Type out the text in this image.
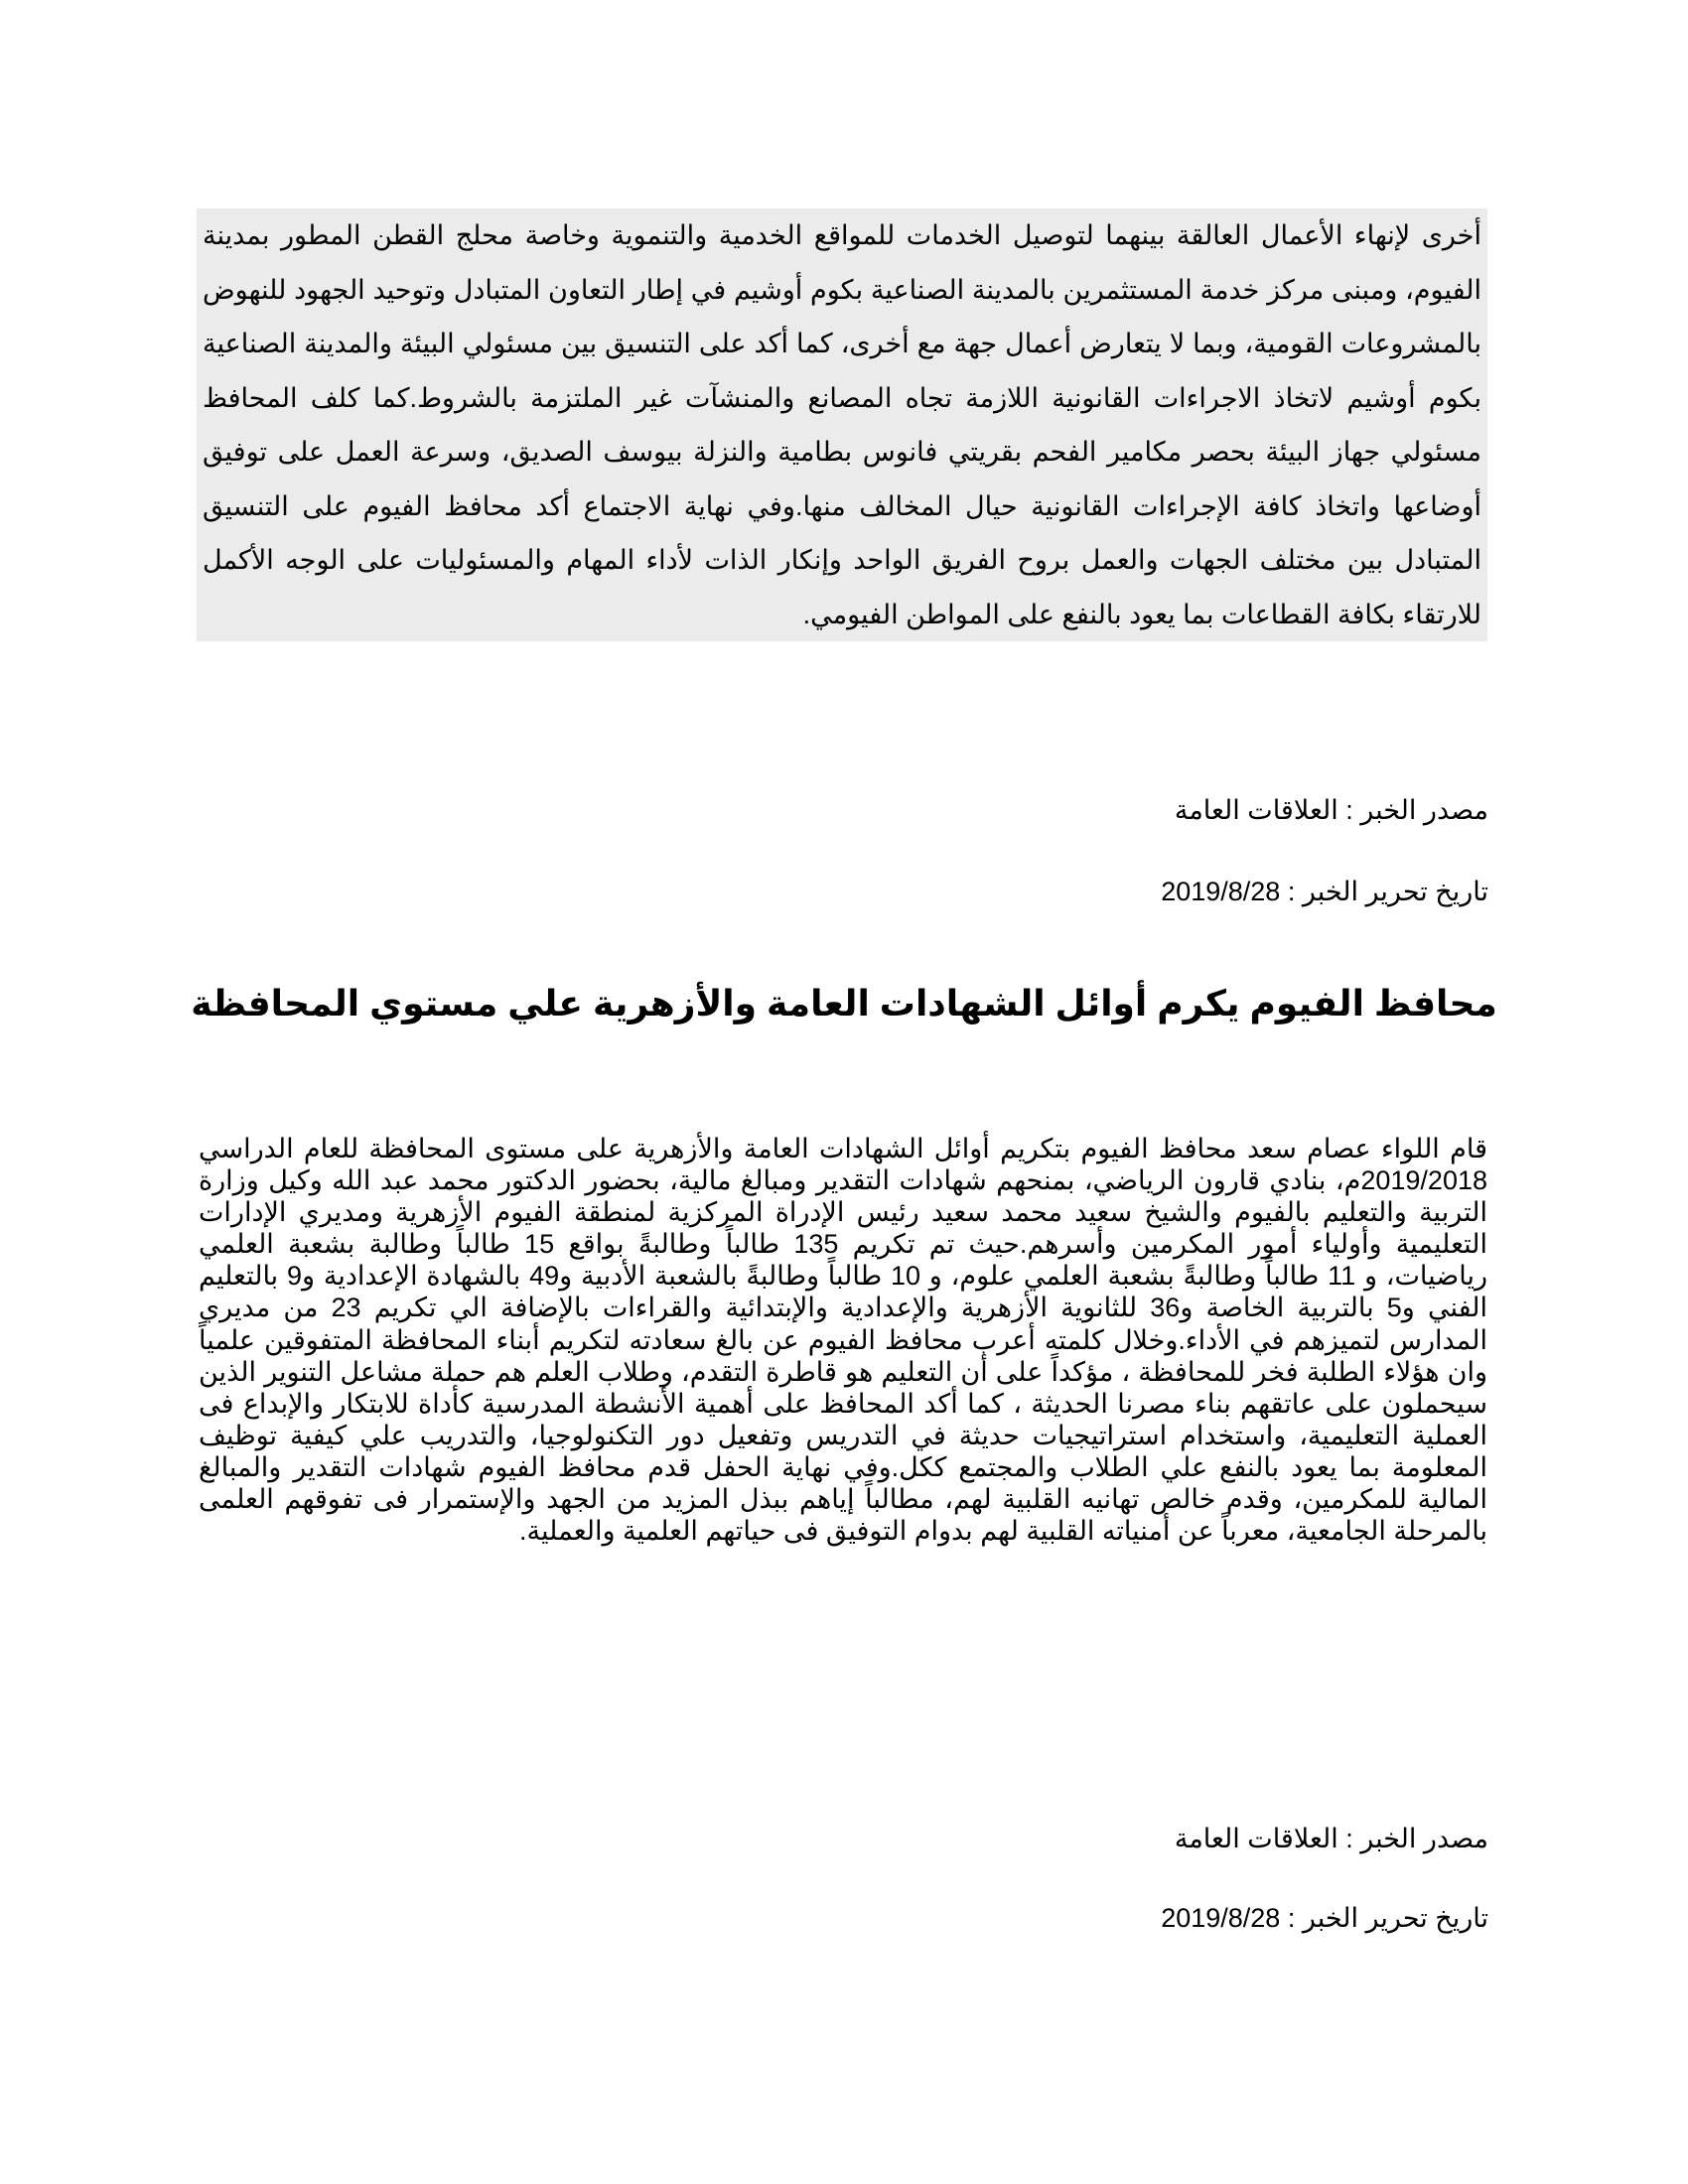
أخرى لإنهاء الأعمال العالقة بينهما لتوصيل الخدمات للمواقع الخدمية والتنموية وخاصة محلج القطن المطور بمدينة الفيوم، ومبنى مركز خدمة المستثمرين بالمدينة الصناعية بكوم أوشيم في إطار التعاون المتبادل وتوحيد الجهود للنهوض بالمشروعات القومية، وبما لا يتعارض أعمال جهة مع أخرى، كما أكد على التنسيق بين مسئولي البيئة والمدينة الصناعية بكوم أوشيم لاتخاذ الاجراءات القانونية اللازمة تجاه المصانع والمنشآت غير الملتزمة بالشروط.كما كلف المحافظ مسئولي جهاز البيئة بحصر مكامير الفحم بقريتي فانوس بطامية والنزلة بيوسف الصديق، وسرعة العمل على توفيق أوضاعها واتخاذ كافة الإجراءات القانونية حيال المخالف منها.وفي نهاية الاجتماع أكد محافظ الفيوم على التنسيق المتبادل بين مختلف الجهات والعمل بروح الفريق الواحد وإنكار الذات لأداء المهام والمسئوليات على الوجه الأكمل للارتقاء بكافة القطاعات بما يعود بالنفع على المواطن الفيومي.

مصدر الخبر : العلاقات العامة
تاريخ تحرير الخبر : 2019/8/28
محافظ الفيوم يكرم أوائل الشهادات العامة والأزهرية علي مستوي المحافظة

قام اللواء عصام سعد محافظ الفيوم بتكريم أوائل الشهادات العامة والأزهرية على مستوى المحافظة للعام الدراسي 2019/2018م، بنادي قارون الرياضي، بمنحهم شهادات التقدير ومبالغ مالية، بحضور الدكتور محمد عبد الله وكيل وزارة التربية والتعليم بالفيوم والشيخ سعيد محمد سعيد رئيس الإدراة المركزية لمنطقة الفيوم الأزهرية ومديري الإدارات التعليمية وأولياء أمور المكرمين وأسرهم.حيث تم تكريم 135 طالباً وطالبةً بواقع 15 طالباً وطالبة بشعبة العلمي رياضيات، و 11 طالباً وطالبةً بشعبة العلمي علوم، و 10 طالباً وطالبةً بالشعبة الأدبية و49 بالشهادة الإعدادية و9 بالتعليم الفني و5 بالتربية الخاصة و36 للثانوية الأزهرية والإعدادية والإبتدائية والقراءات بالإضافة الي تكريم 23 من مديري المدارس لتميزهم في الأداء.وخلال كلمته أعرب محافظ الفيوم عن بالغ سعادته لتكريم أبناء المحافظة المتفوقين علمياً وان هؤلاء الطلبة فخر للمحافظة ، مؤكداً على أن التعليم هو قاطرة التقدم، وطلاب العلم هم حملة مشاعل التنوير الذين سيحملون على عاتقهم بناء مصرنا الحديثة ، كما أكد المحافظ على أهمية الأنشطة المدرسية كأداة للابتكار والإبداع فى العملية التعليمية، واستخدام استراتيجيات حديثة في التدريس وتفعيل دور التكنولوجيا، والتدريب علي كيفية توظيف المعلومة بما يعود بالنفع علي الطلاب والمجتمع ككل.وفي نهاية الحفل قدم محافظ الفيوم شهادات التقدير والمبالغ المالية للمكرمين، وقدم خالص تهانيه القلبية لهم، مطالباً إياهم ببذل المزيد من الجهد والإستمرار فى تفوقهم العلمى بالمرحلة الجامعية، معرباً عن أمنياته القلبية لهم بدوام التوفيق فى حياتهم العلمية والعملية.

مصدر الخبر : العلاقات العامة
تاريخ تحرير الخبر : 2019/8/28
